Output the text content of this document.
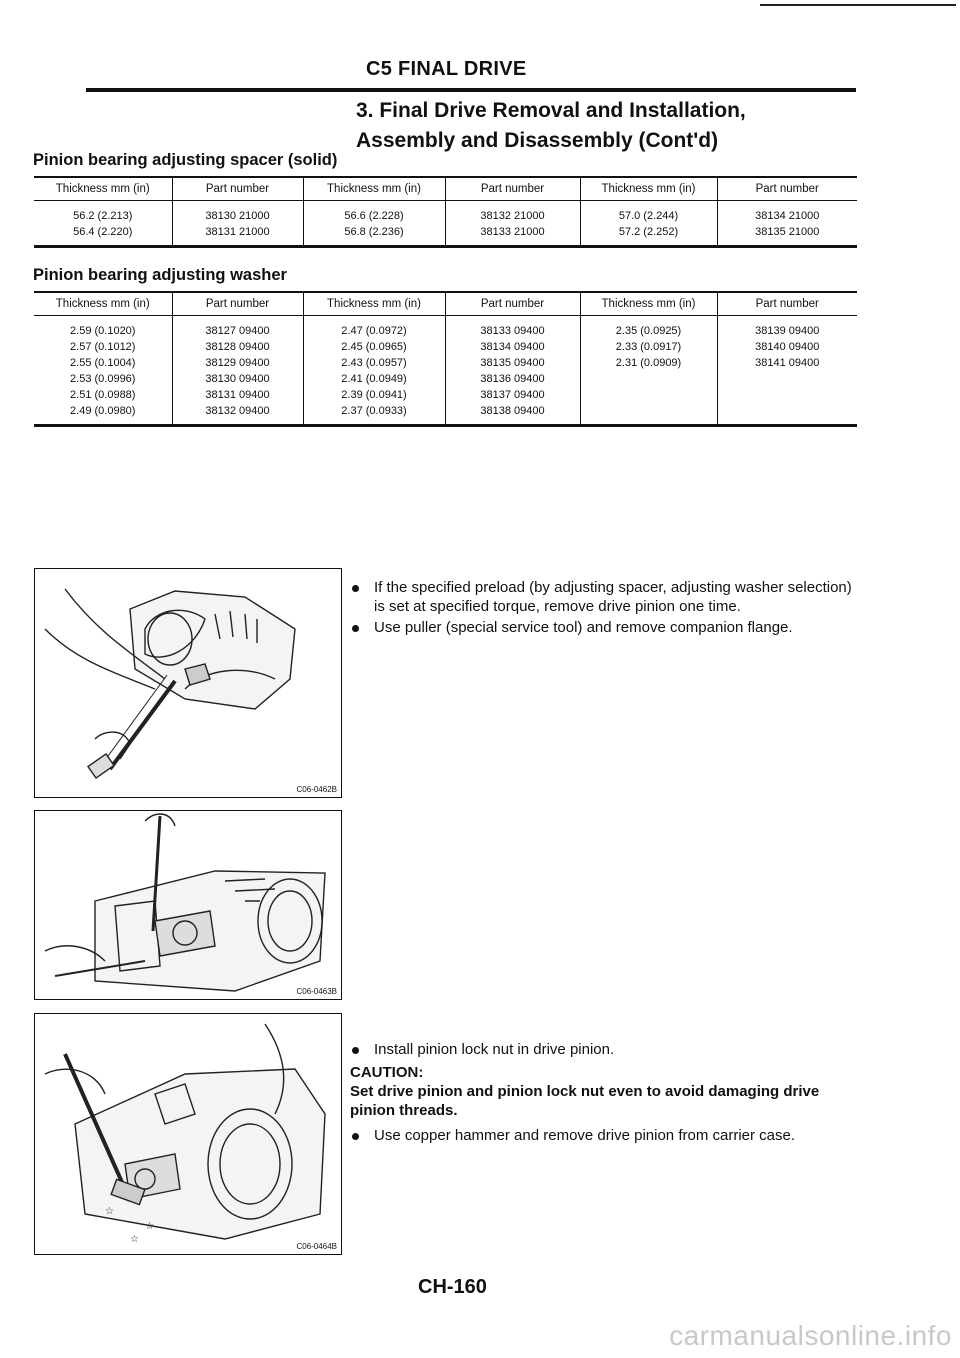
C5 FINAL DRIVE
3. Final Drive Removal and Installation,
Assembly and Disassembly (Cont'd)
Pinion bearing adjusting spacer (solid)
Thickness mm (in)	Part number	Thickness mm (in)	Part number	Thickness mm (in)	Part number
56.2 (2.213)	38130 21000	56.6 (2.228)	38132 21000	57.0 (2.244)	38134 21000
56.4 (2.220)	38131 21000	56.8 (2.236)	38133 21000	57.2 (2.252)	38135 21000
Pinion bearing adjusting washer
Thickness mm (in)	Part number	Thickness mm (in)	Part number	Thickness mm (in)	Part number
2.59 (0.1020)	38127 09400	2.47 (0.0972)	38133 09400	2.35 (0.0925)	38139 09400
2.57 (0.1012)	38128 09400	2.45 (0.0965)	38134 09400	2.33 (0.0917)	38140 09400
2.55 (0.1004)	38129 09400	2.43 (0.0957)	38135 09400	2.31 (0.0909)	38141 09400
2.53 (0.0996)	38130 09400	2.41 (0.0949)	38136 09400		
2.51 (0.0988)	38131 09400	2.39 (0.0941)	38137 09400		
2.49 (0.0980)	38132 09400	2.37 (0.0933)	38138 09400		
C06-0462B
C06-0463B
☆
☆
☆
C06-0464B
If the specified preload (by adjusting spacer, adjusting washer selection) is set at specified torque, remove drive pinion one time.
Use puller (special service tool) and remove companion flange.
Install pinion lock nut in drive pinion.
CAUTION:
Set drive pinion and pinion lock nut even to avoid damaging drive pinion threads.
Use copper hammer and remove drive pinion from carrier case.
CH-160
carmanualsonline.info
